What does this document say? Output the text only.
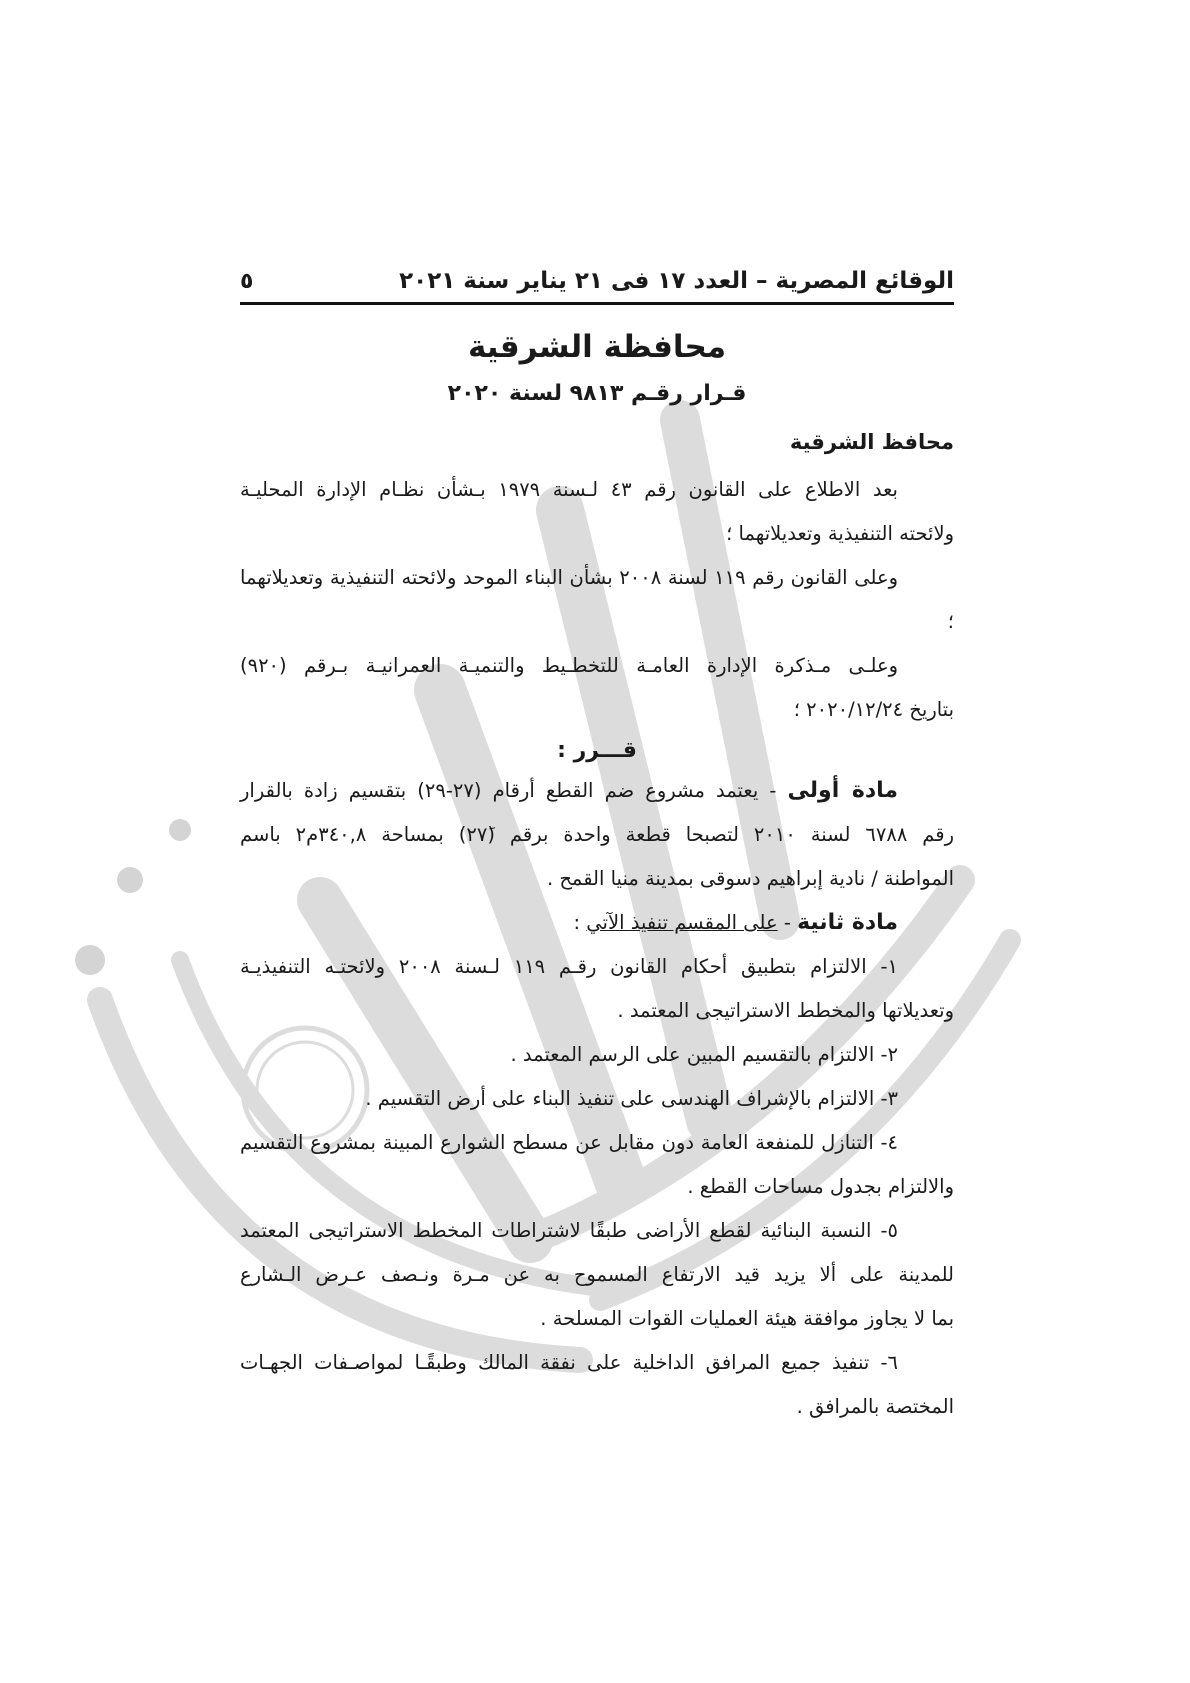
الوقائع المصرية – العدد ١٧ فى ٢١ يناير سنة ٢٠٢١
٥
محافظة الشرقية
قـرار رقـم ٩٨١٣ لسنة ٢٠٢٠
محافظ الشرقية

بعد الاطلاع على القانون رقم ٤٣ لـسنة ١٩٧٩ بـشأن نظـام الإدارة المحليـة

ولائحته التنفيذية وتعديلاتهما ؛

وعلى القانون رقم ١١٩ لسنة ٢٠٠٨ بشأن البناء الموحد ولائحته التنفيذية وتعديلاتهما ؛

وعلـى مـذكرة الإدارة العامـة للتخطـيط والتنميـة العمرانيـة بـرقم (٩٢٠)

بتاريخ ٢٠٢٠/١٢/٢٤ ؛

قـــرر :

مادة أولى - يعتمد مشروع ضم القطع أرقام (٢٧-٢٩) بتقسيم زادة بالقرار

رقم ٦٧٨٨ لسنة ٢٠١٠ لتصبحا قطعة واحدة برقم (٢٧َ) بمساحة ٣٤٠,٨م٢ باسم

المواطنة / نادية إبراهيم دسوقى بمدينة منيا القمح .

مادة ثانية - على المقسم تنفيذ الآتي :

١- الالتزام بتطبيق أحكام القانون رقـم ١١٩ لـسنة ٢٠٠٨ ولائحتـه التنفيذيـة

وتعديلاتها والمخطط الاستراتيجى المعتمد .

٢- الالتزام بالتقسيم المبين على الرسم المعتمد .

٣- الالتزام بالإشراف الهندسى على تنفيذ البناء على أرض التقسيم .

٤- التنازل للمنفعة العامة دون مقابل عن مسطح الشوارع المبينة بمشروع التقسيم

والالتزام بجدول مساحات القطع .

٥- النسبة البنائية لقطع الأراضى طبقًا لاشتراطات المخطط الاستراتيجى المعتمد

للمدينة على ألا يزيد قيد الارتفاع المسموح به عن مـرة ونـصف عـرض الـشارع

بما لا يجاوز موافقة هيئة العمليات القوات المسلحة .

٦- تنفيذ جميع المرافق الداخلية على نفقة المالك وطبقًـا لمواصـفات الجهـات

المختصة بالمرافق .
